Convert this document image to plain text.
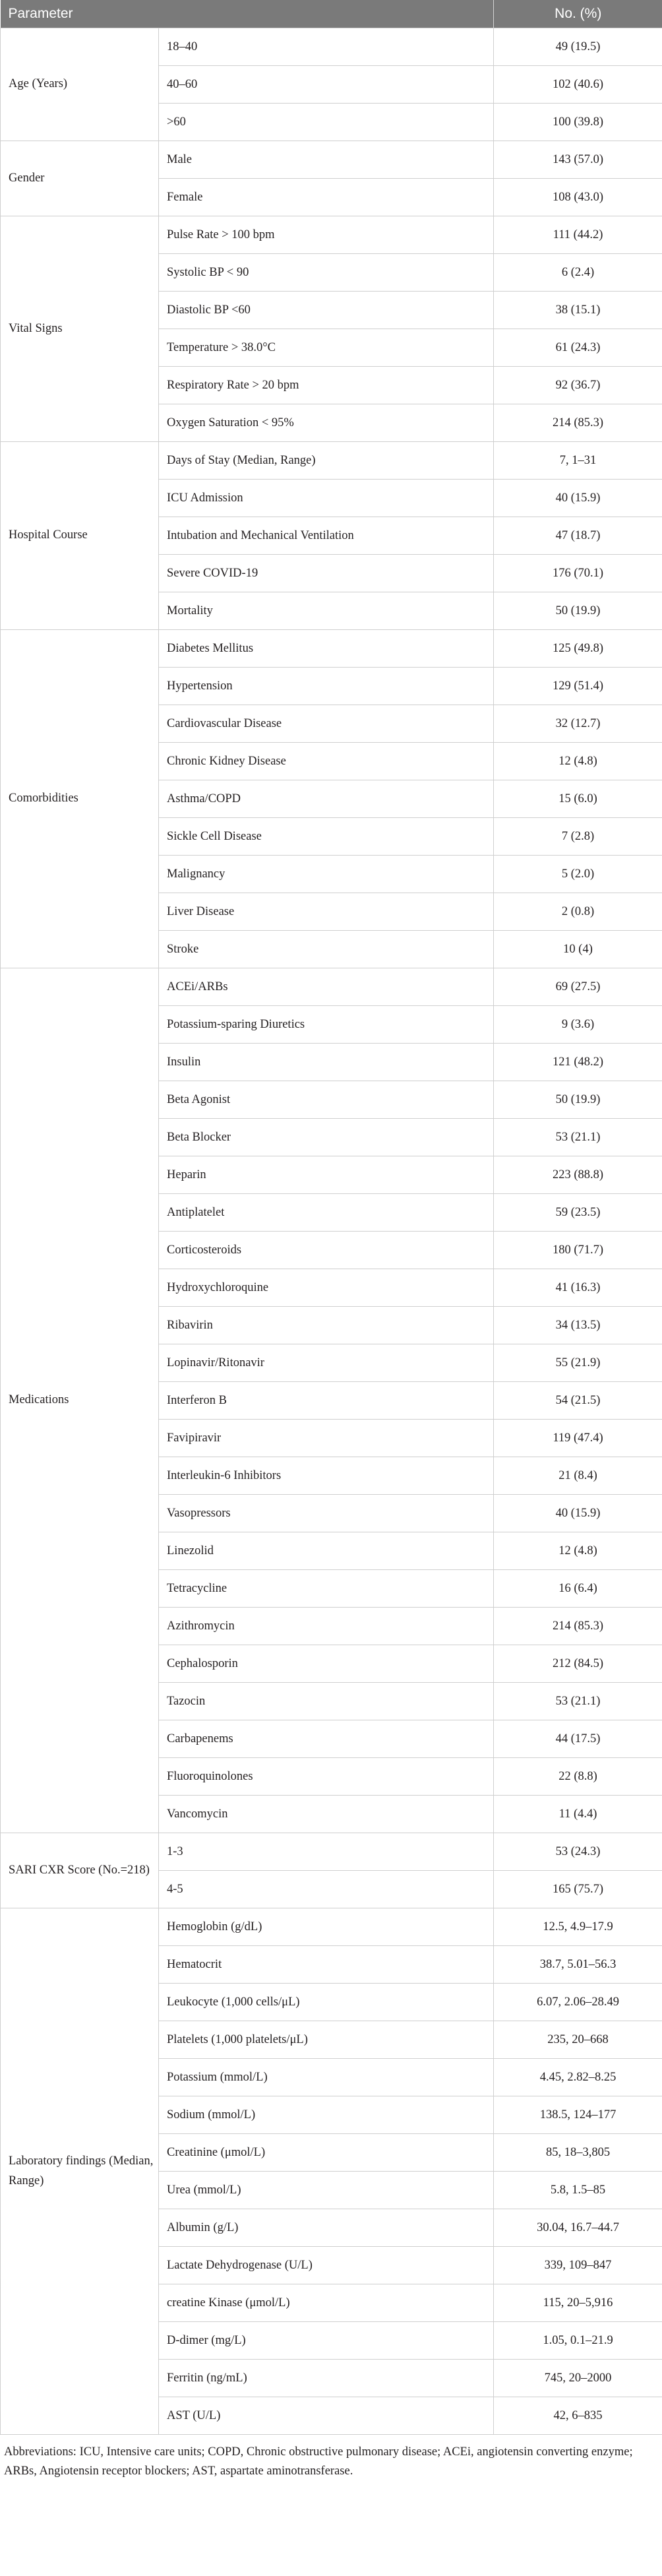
Parameter		No. (%)
Age (Years)	18–40	49 (19.5)
	40–60	102 (40.6)
	>60	100 (39.8)
Gender	Male	143 (57.0)
	Female	108 (43.0)
Vital Signs	Pulse Rate > 100 bpm	111 (44.2)
	Systolic BP < 90	6 (2.4)
	Diastolic BP <60	38 (15.1)
	Temperature > 38.0°C	61 (24.3)
	Respiratory Rate > 20 bpm	92 (36.7)
	Oxygen Saturation < 95%	214 (85.3)
Hospital Course	Days of Stay (Median, Range)	7, 1–31
	ICU Admission	40 (15.9)
	Intubation and Mechanical Ventilation	47 (18.7)
	Severe COVID-19	176 (70.1)
	Mortality	50 (19.9)
Comorbidities	Diabetes Mellitus	125 (49.8)
	Hypertension	129 (51.4)
	Cardiovascular Disease	32 (12.7)
	Chronic Kidney Disease	12 (4.8)
	Asthma/COPD	15 (6.0)
	Sickle Cell Disease	7 (2.8)
	Malignancy	5 (2.0)
	Liver Disease	2 (0.8)
	Stroke	10 (4)
Medications	ACEi/ARBs	69 (27.5)
	Potassium-sparing Diuretics	9 (3.6)
	Insulin	121 (48.2)
	Beta Agonist	50 (19.9)
	Beta Blocker	53 (21.1)
	Heparin	223 (88.8)
	Antiplatelet	59 (23.5)
	Corticosteroids	180 (71.7)
	Hydroxychloroquine	41 (16.3)
	Ribavirin	34 (13.5)
	Lopinavir/Ritonavir	55 (21.9)
	Interferon B	54 (21.5)
	Favipiravir	119 (47.4)
	Interleukin-6 Inhibitors	21 (8.4)
	Vasopressors	40 (15.9)
	Linezolid	12 (4.8)
	Tetracycline	16 (6.4)
	Azithromycin	214 (85.3)
	Cephalosporin	212 (84.5)
	Tazocin	53 (21.1)
	Carbapenems	44 (17.5)
	Fluoroquinolones	22 (8.8)
	Vancomycin	11 (4.4)
SARI CXR Score (No.=218)	1-3	53 (24.3)
	4-5	165 (75.7)
Laboratory findings (Median, Range)	Hemoglobin (g/dL)	12.5, 4.9–17.9
	Hematocrit	38.7, 5.01–56.3
	Leukocyte (1,000 cells/μL)	6.07, 2.06–28.49
	Platelets (1,000 platelets/μL)	235, 20–668
	Potassium (mmol/L)	4.45, 2.82–8.25
	Sodium (mmol/L)	138.5, 124–177
	Creatinine (μmol/L)	85, 18–3,805
	Urea (mmol/L)	5.8, 1.5–85
	Albumin (g/L)	30.04, 16.7–44.7
	Lactate Dehydrogenase (U/L)	339, 109–847
	creatine Kinase (μmol/L)	115, 20–5,916
	D-dimer (mg/L)	1.05, 0.1–21.9
	Ferritin (ng/mL)	745, 20–2000
	AST (U/L)	42, 6–835
Abbreviations: ICU, Intensive care units; COPD, Chronic obstructive pulmonary disease; ACEi, angiotensin converting enzyme; ARBs, Angiotensin receptor blockers; AST, aspartate aminotransferase.
